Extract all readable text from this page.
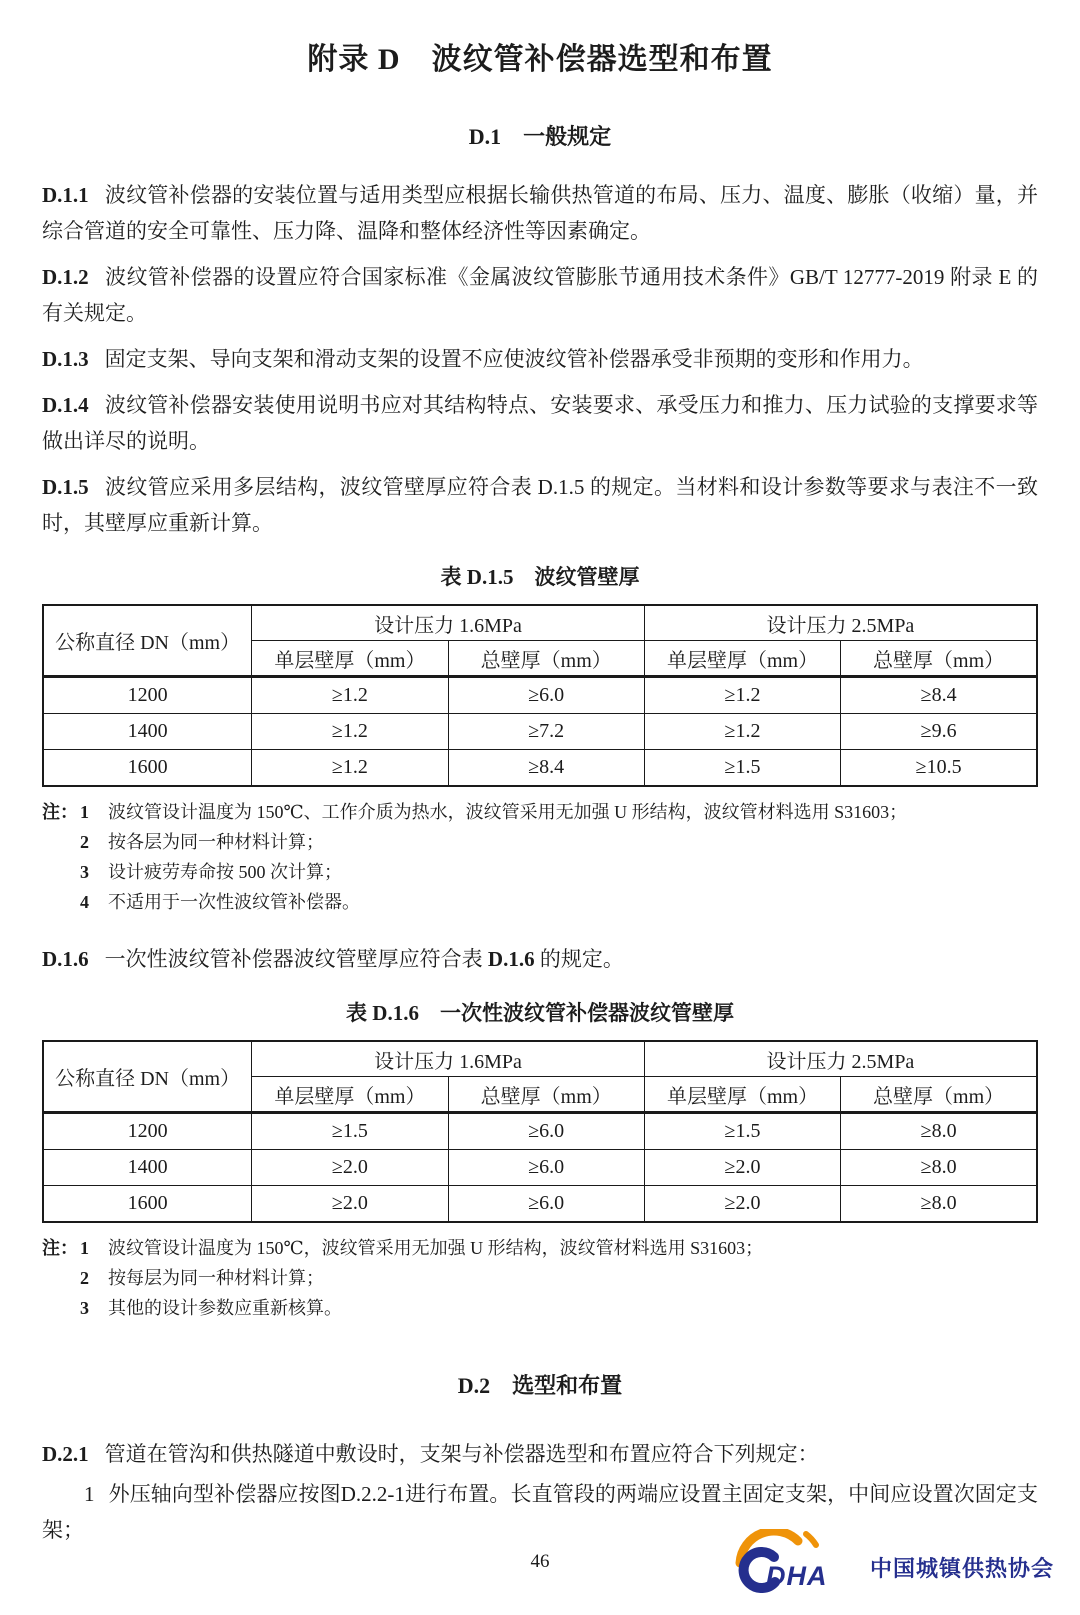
附录 D　波纹管补偿器选型和布置
D.1　一般规定

D.1.1 波纹管补偿器的安装位置与适用类型应根据长输供热管道的布局、压力、温度、膨胀（收缩）量，并综合管道的安全可靠性、压力降、温降和整体经济性等因素确定。

D.1.2 波纹管补偿器的设置应符合国家标准《金属波纹管膨胀节通用技术条件》GB/T 12777-2019 附录 E 的有关规定。

D.1.3 固定支架、导向支架和滑动支架的设置不应使波纹管补偿器承受非预期的变形和作用力。

D.1.4 波纹管补偿器安装使用说明书应对其结构特点、安装要求、承受压力和推力、压力试验的支撑要求等做出详尽的说明。

D.1.5 波纹管应采用多层结构，波纹管壁厚应符合表 D.1.5 的规定。当材料和设计参数等要求与表注不一致时，其壁厚应重新计算。

表 D.1.5　波纹管壁厚
公称直径 DN（mm）	设计压力 1.6MPa		设计压力 2.5MPa	
	单层壁厚（mm）	总壁厚（mm）	单层壁厚（mm）	总壁厚（mm）
1200	≥1.2	≥6.0	≥1.2	≥8.4
1400	≥1.2	≥7.2	≥1.2	≥9.6
1600	≥1.2	≥8.4	≥1.5	≥10.5
注： 1	波纹管设计温度为 150℃、工作介质为热水，波纹管采用无加强 U 形结构，波纹管材料选用 S31603；
2	按各层为同一种材料计算；
3	设计疲劳寿命按 500 次计算；
4	不适用于一次性波纹管补偿器。

D.1.6 一次性波纹管补偿器波纹管壁厚应符合表 D.1.6 的规定。

表 D.1.6　一次性波纹管补偿器波纹管壁厚
公称直径 DN（mm）	设计压力 1.6MPa		设计压力 2.5MPa	
	单层壁厚（mm）	总壁厚（mm）	单层壁厚（mm）	总壁厚（mm）
1200	≥1.5	≥6.0	≥1.5	≥8.0
1400	≥2.0	≥6.0	≥2.0	≥8.0
1600	≥2.0	≥6.0	≥2.0	≥8.0
注： 1	波纹管设计温度为 150℃，波纹管采用无加强 U 形结构，波纹管材料选用 S31603；
2	按每层为同一种材料计算；
3	其他的设计参数应重新核算。
D.2　选型和布置

D.2.1 管道在管沟和供热隧道中敷设时，支架与补偿器选型和布置应符合下列规定：

1 外压轴向型补偿器应按图D.2.2-1进行布置。长直管段的两端应设置主固定支架，中间应设置次固定支架；

46	DHA 中国城镇供热协会
